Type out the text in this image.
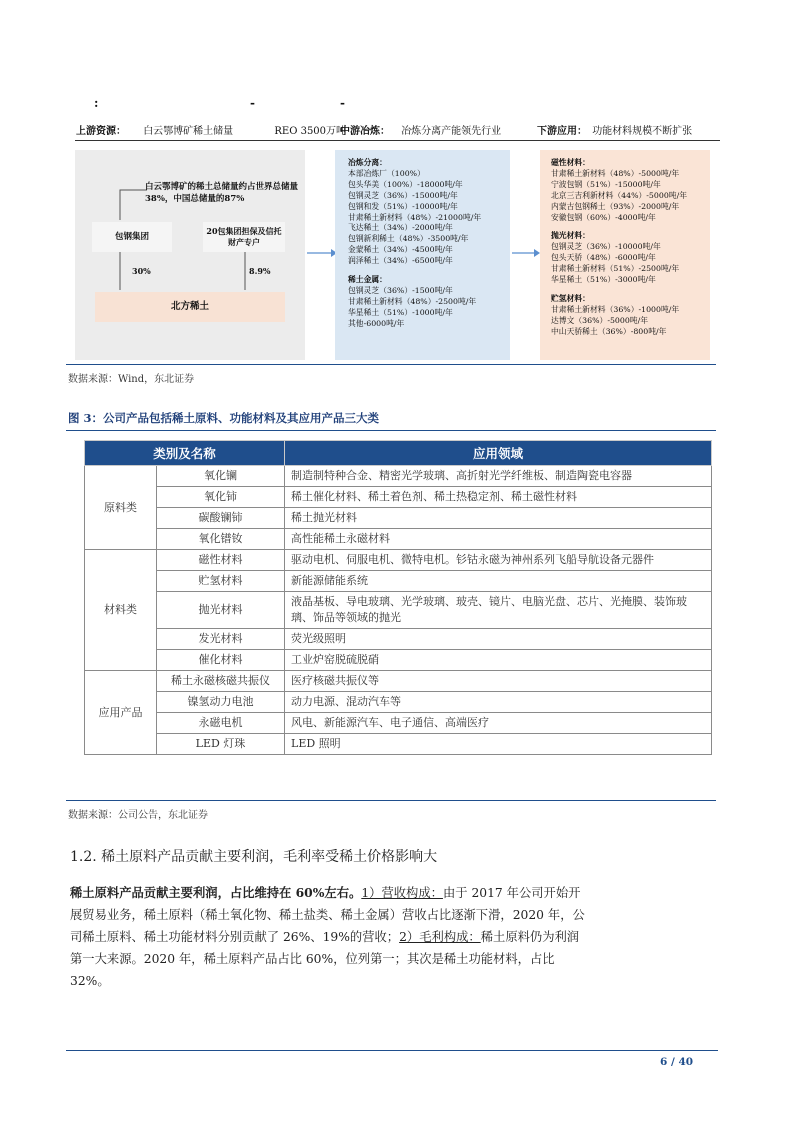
:	-	-
上游资源： 白云鄂博矿稀土储量	REO 3500万吨
中游冶炼： 冶炼分离产能领先行业	下游应用： 功能材料规模不断扩张
白云鄂博矿的稀土总储量约占世界总储量38%，中国总储量的87%
包钢集团
20包集团担保及信托财产专户
30%	8.9%
北方稀土
冶炼分离：
本部冶炼厂（100%）
包头华美（100%）-18000吨/年
包钢灵芝（36%）-15000吨/年
包钢和发（51%）-10000吨/年
甘肃稀土新材料（48%）-21000吨/年
飞达稀土（34%）-2000吨/年
包钢新利稀土（48%）-3500吨/年
金蒙稀土（34%）-4500吨/年
润泽稀土（34%）-6500吨/年
稀土金属：
包钢灵芝（36%）-1500吨/年
甘肃稀土新材料（48%）-2500吨/年
华星稀土（51%）-1000吨/年
其他-6000吨/年
磁性材料：
甘肃稀土新材料（48%）-5000吨/年
宁波包钢（51%）-15000吨/年
北京三吉利新材料（44%）-5000吨/年
内蒙古包钢稀土（93%）-2000吨/年
安徽包钢（60%）-4000吨/年
抛光材料：
包钢灵芝（36%）-10000吨/年
包头天骄（48%）-6000吨/年
甘肃稀土新材料（51%）-2500吨/年
华星稀土（51%）-3000吨/年
贮氢材料：
甘肃稀土新材料（36%）-1000吨/年
达博文（36%）-5000吨/年
中山天骄稀土（36%）-800吨/年
数据来源：Wind，东北证券
图 3：公司产品包括稀土原料、功能材料及其应用产品三大类
类别及名称		应用领域
原料类	氧化镧	制造制特种合金、精密光学玻璃、高折射光学纤维板、制造陶瓷电容器
	氧化铈	稀土催化材料、稀土着色剂、稀土热稳定剂、稀土磁性材料
	碳酸镧铈	稀土抛光材料
	氧化镨钕	高性能稀土永磁材料
材料类	磁性材料	驱动电机、伺服电机、微特电机。钐钴永磁为神州系列飞船导航设备元器件
	贮氢材料	新能源储能系统
	抛光材料	液晶基板、导电玻璃、光学玻璃、玻壳、镜片、电脑光盘、芯片、光掩膜、装饰玻璃、饰品等领域的抛光
	发光材料	荧光级照明
	催化材料	工业炉窑脱硫脱硝
应用产品	稀土永磁核磁共振仪	医疗核磁共振仪等
	镍氢动力电池	动力电源、混动汽车等
	永磁电机	风电、新能源汽车、电子通信、高端医疗
	LED 灯珠	LED 照明
数据来源：公司公告，东北证券
1.2. 稀土原料产品贡献主要利润，毛利率受稀土价格影响大
稀土原料产品贡献主要利润，占比维持在 60%左右。1）营收构成：由于 2017 年公司开始开展贸易业务，稀土原料（稀土氧化物、稀土盐类、稀土金属）营收占比逐渐下滑，2020 年，公司稀土原料、稀土功能材料分别贡献了 26%、19%的营收；2）毛利构成：稀土原料仍为利润第一大来源。2020 年，稀土原料产品占比 60%，位列第一；其次是稀土功能材料，占比 32%。
6 / 40
